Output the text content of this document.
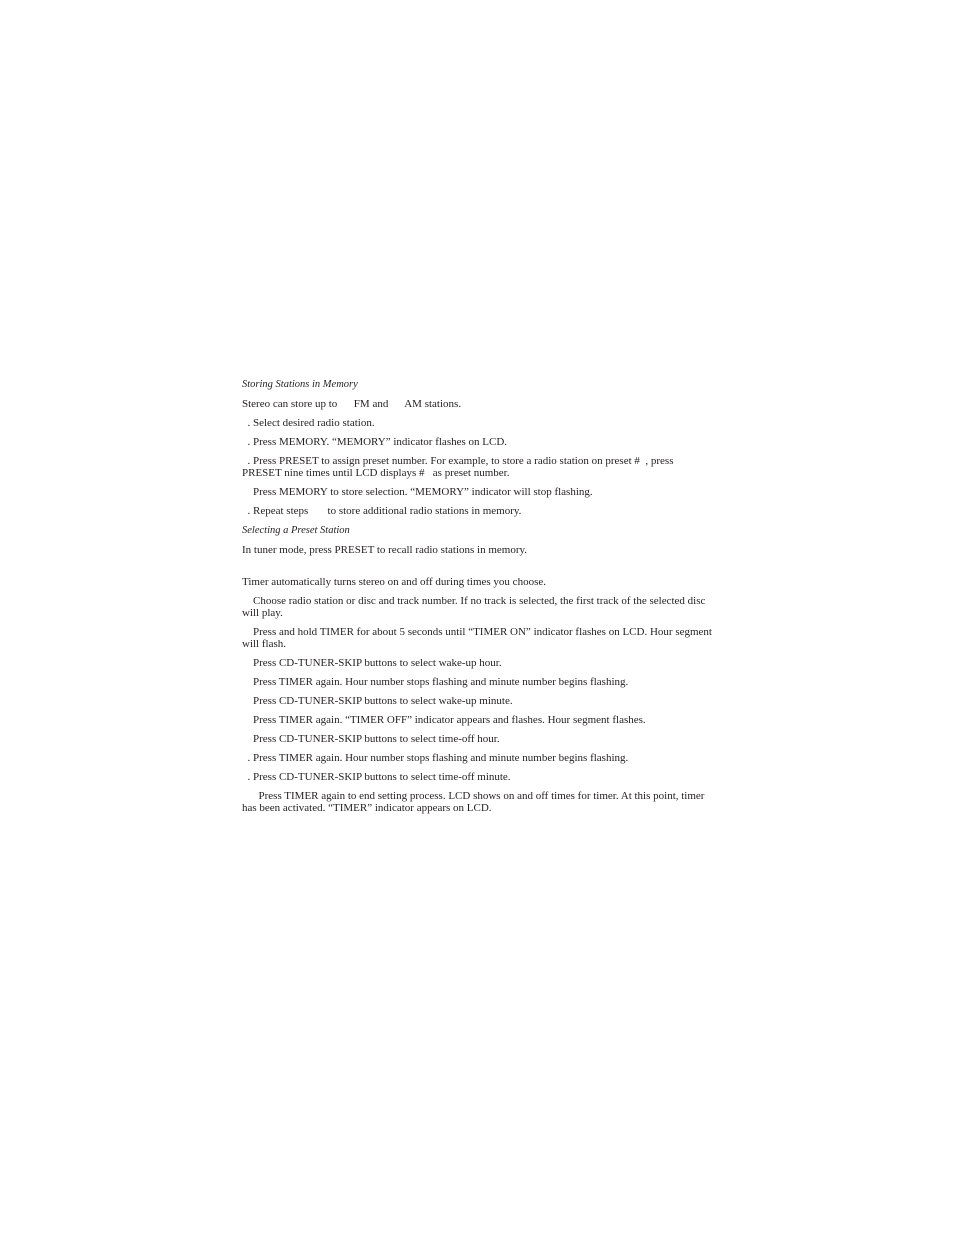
Storing Stations in Memory

Stereo can store up to      FM and      AM stations.

. Select desired radio station.

. Press MEMORY. “MEMORY” indicator flashes on LCD.

. Press PRESET to assign preset number. For example, to store a radio station on preset #  , press PRESET nine times until LCD displays #   as preset number.

Press MEMORY to store selection. “MEMORY” indicator will stop flashing.

. Repeat steps       to store additional radio stations in memory.

Selecting a Preset Station

In tuner mode, press PRESET to recall radio stations in memory.

Timer automatically turns stereo on and off during times you choose.

Choose radio station or disc and track number. If no track is selected, the first track of the selected disc will play.

Press and hold TIMER for about 5 seconds until “TIMER ON” indicator flashes on LCD. Hour segment will flash.

Press CD-TUNER-SKIP buttons to select wake-up hour.

Press TIMER again. Hour number stops flashing and minute number begins flashing.

Press CD-TUNER-SKIP buttons to select wake-up minute.

Press TIMER again. “TIMER OFF” indicator appears and flashes. Hour segment flashes.

Press CD-TUNER-SKIP buttons to select time-off hour.

. Press TIMER again. Hour number stops flashing and minute number begins flashing.

. Press CD-TUNER-SKIP buttons to select time-off minute.

Press TIMER again to end setting process. LCD shows on and off times for timer. At this point, timer has been activated. “TIMER” indicator appears on LCD.
